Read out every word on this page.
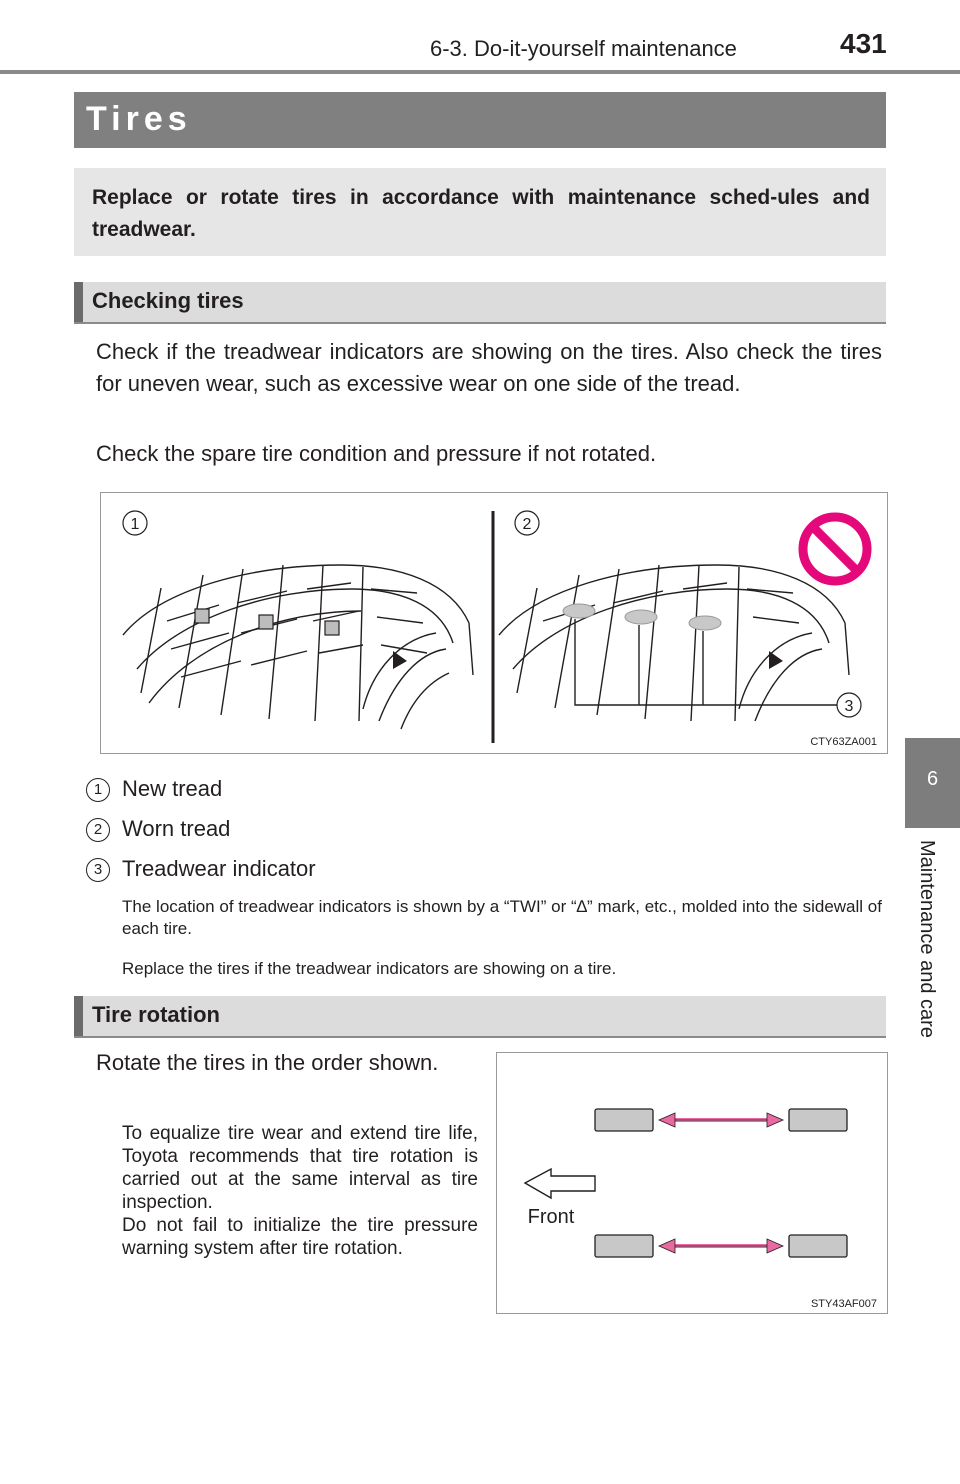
6-3. Do-it-yourself maintenance	431
6
Maintenance and care
Tires
Replace or rotate tires in accordance with maintenance sched-ules and treadwear.
Checking tires
Check if the treadwear indicators are showing on the tires. Also check the tires for uneven wear, such as excessive wear on one side of the tread.
Check the spare tire condition and pressure if not rotated.
1	2
3
CTY63ZA001
1 New tread
2 Worn tread
3 Treadwear indicator
The location of treadwear indicators is shown by a “TWI” or “∆” mark, etc., molded into the sidewall of each tire.
Replace the tires if the treadwear indicators are showing on a tire.
Tire rotation
Rotate the tires in the order shown.
To equalize tire wear and extend tire life, Toyota recommends that tire rotation is carried out at the same interval as tire inspection.
Do not fail to initialize the tire pressure warning system after tire rotation.
Front
STY43AF007
